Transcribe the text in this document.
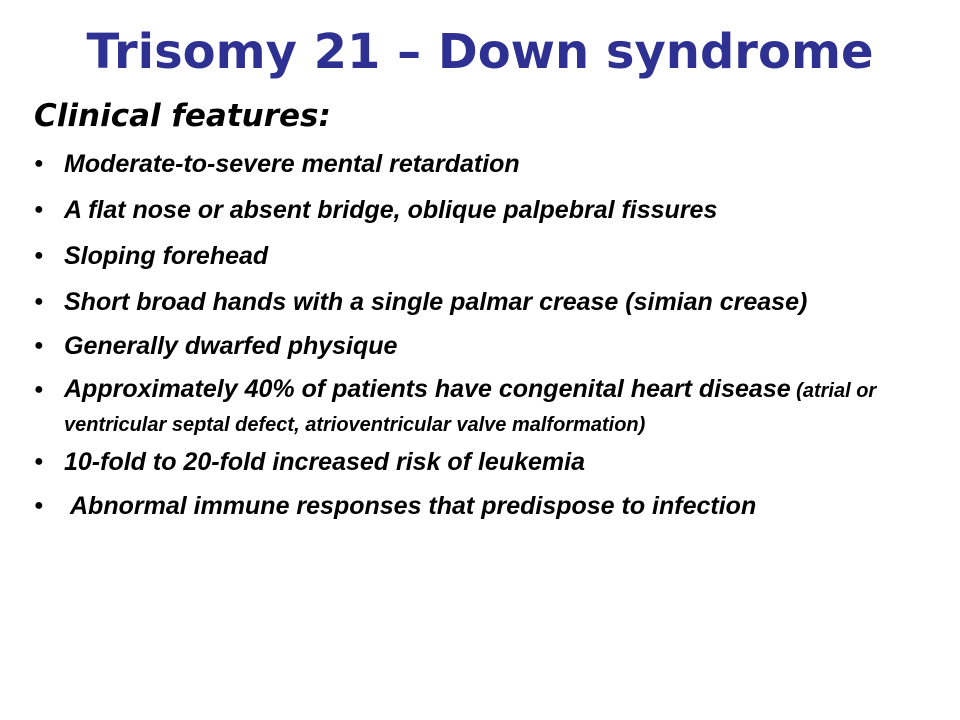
Trisomy 21 – Down syndrome
Clinical features:
● Moderate-to-severe mental retardation
● A flat nose or absent bridge, oblique palpebral fissures
● Sloping forehead
● Short broad hands with a single palmar crease (simian crease)
● Generally dwarfed physique
● Approximately 40% of patients have congenital heart disease (atrial or ventricular septal defect, atrioventricular valve malformation)
● 10-fold to 20-fold increased risk of leukemia
● Abnormal immune responses that predispose to infection
